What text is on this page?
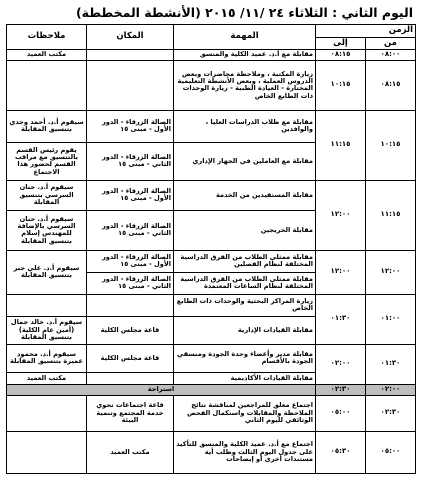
اليوم الثاني : الثلاثاء ٢٤ /١١/ ٢٠١٥ (الأنشطة المخططة)
الزمن		المهمة	المكان	ملاحظات
من	إلى			
٠٨:٠٠	٠٨:١٥	مقابلة مع أ.د. عميد الكلية والمنسق		مكتب العميد
٠٨:١٥	١٠:١٥	زيارة المكتبة ، وملاحظة محاضرات وبعض الدروس العملية ، وبعض الأنشطة التعليمية المختارة - العيادة الطبية - زيارة الوحدات ذات الطابع الخاص		
١٠:١٥	١١:١٥	مقابلة مع طلاب الدراسات العليا ، والوافدين	الصالة الزرقاء - الدور الأول - مبنى ١٥	سيقوم أ.د. أحمد وجدي بتنسيق المقابلة
		مقابلة مع العاملين في الجهاز الإداري	الصالة الزرقاء - الدور الثاني - مبنى ١٥	يقوم رئيس القسم بالتنسيق مع مراقب القسم لحضور هذا الاجتماع
١١:١٥	١٢:٠٠	مقابلة المستفيدين من الخدمة	الصالة الزرقاء - الدور الأول - مبنى ١٥	سيقوم أ.د. حنان السرسي بتنسيق المقابلة
		مقابلة الخريجين	الصالة الزرقاء - الدور الثاني - مبنى ١٥	سيقوم أ.د. حنان السرسي بالإضافة للمهندس إسلام بتنسيق المقابلة
١٢:٠٠	١٢:٠٠	مقابلة ممثلي الطلاب من الفرق الدراسية المختلفة لنظام الفصلين	الصالة الزرقاء - الدور الأول - مبنى ١٥	سيقوم أ.د. علي جبر بتنسيق المقابلة
		مقابلة ممثلي الطلاب من الفرق الدراسية المختلفة لنظام الساعات المعتمدة	الصالة الزرقاء - الدور الثاني - مبنى ١٥	
٠١:٠٠	٠١:٣٠	زيارة المراكز البحثية والوحدات ذات الطابع الخاص		
		مقابلة القيادات الإدارية	قاعة مجلس الكلية	سيقوم أ.د. خالد جمال (أمين عام الكلية) بتنسيق المقابلة
٠١:٣٠	٠٢:٠٠	مقابلة مدير وأعضاء وحدة الجودة ومنسقي الجودة بالأقسام	قاعة مجلس الكلية	سيقوم أ.د. محمود عميرة بتنسيق المقابلة
		مقابلة القيادات الأكاديمية		مكتب العميد
٠٢:٠٠	٠٢:٣٠	استراحة		
٠٢:٣٠	٠٥:٠٠	اجتماع مغلق للمراجعين لمناقشة نتائج الملاحظة والمقابلات واستكمال الفحص الوثائقي لليوم الثاني	قاعة اجتماعات تحوي خدمة المجتمع وتنمية البيئة	
٠٥:٠٠	٠٥:٣٠	اجتماع مع أ.د. عميد الكلية والمنسق للتأكيد على جدول اليوم الثالث وطلب أية مستندات أخرى أو إيضاحات	مكتب العميد	
